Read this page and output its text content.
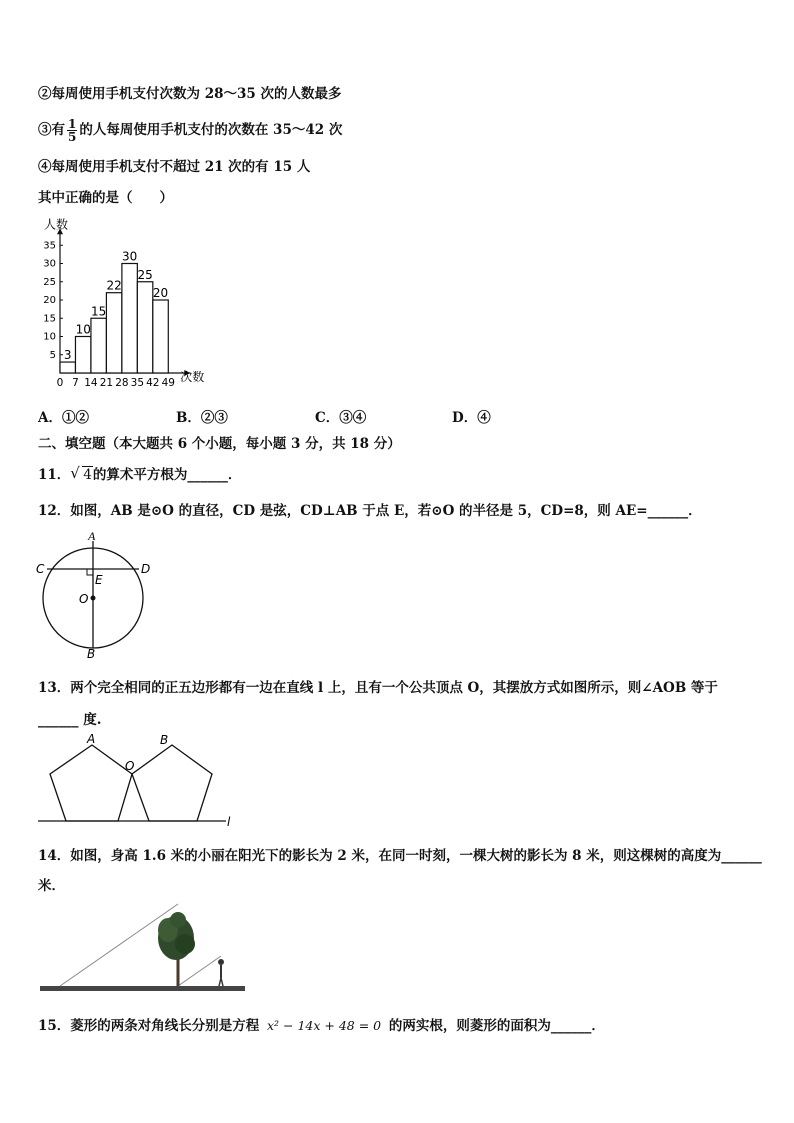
②每周使用手机支付次数为 28～35 次的人数最多
③有 $\frac{1}{5}$ 的人每周使用手机支付的次数在 35～42 次
④每周使用手机支付不超过 21 次的有 15 人
其中正确的是（　　）
人数
次数
5
10
15
20
25
30
35
0 7 14 21 28 35 42 49
3
10
15
22
30
25
20
A．①②	B．②③	C．③④	D．④
二、填空题（本大题共 6 个小题，每小题 3 分，共 18 分）
11． √ 4的算术平方根为______．
12．如图，AB 是⊙O 的直径，CD 是弦，CD⊥AB 于点 E，若⊙O 的半径是 5，CD=8，则 AE=______．
A
B
C	D
E
O
13．两个完全相同的正五边形都有一边在直线 l 上，且有一个公共顶点 O，其摆放方式如图所示，则∠AOB 等于
______ 度.
A	B
O
l
14．如图，身高 1.6 米的小丽在阳光下的影长为 2 米，在同一时刻，一棵大树的影长为 8 米，则这棵树的高度为______
米．
15．菱形的两条对角线长分别是方程 x² − 14x + 48 = 0 的两实根，则菱形的面积为______．
